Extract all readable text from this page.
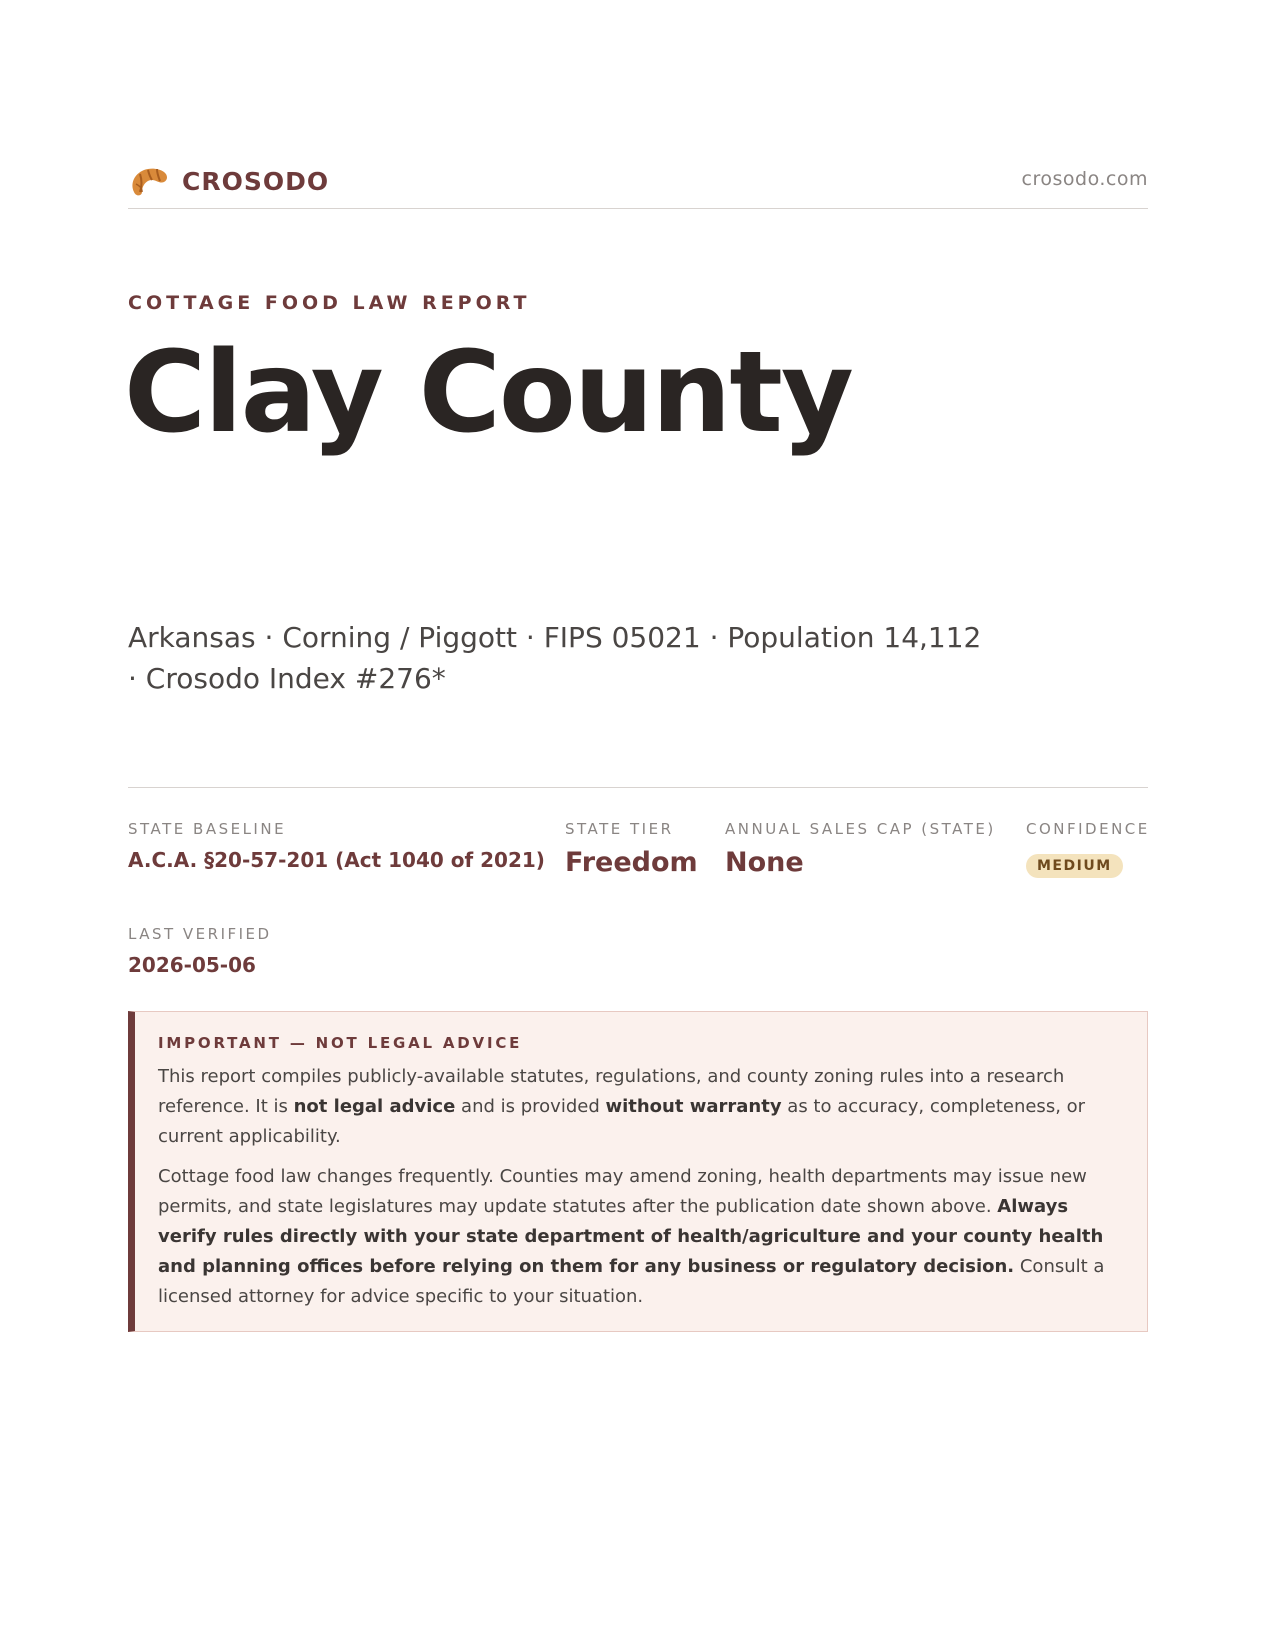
CROSODO	crosodo.com
COTTAGE FOOD LAW REPORT
Clay County
Arkansas · Corning / Piggott · FIPS 05021 · Population 14,112 · Crosodo Index #276*
STATE BASELINE
A.C.A. §20-57-201 (Act 1040 of 2021)
STATE TIER
Freedom
ANNUAL SALES CAP (STATE)
None
CONFIDENCE
MEDIUM
LAST VERIFIED
2026-05-06
IMPORTANT — NOT LEGAL ADVICE

This report compiles publicly-available statutes, regulations, and county zoning rules into a research reference. It is not legal advice and is provided without warranty as to accuracy, completeness, or current applicability.

Cottage food law changes frequently. Counties may amend zoning, health departments may issue new permits, and state legislatures may update statutes after the publication date shown above. Always verify rules directly with your state department of health/agriculture and your county health and planning offices before relying on them for any business or regulatory decision. Consult a licensed attorney for advice specific to your situation.
